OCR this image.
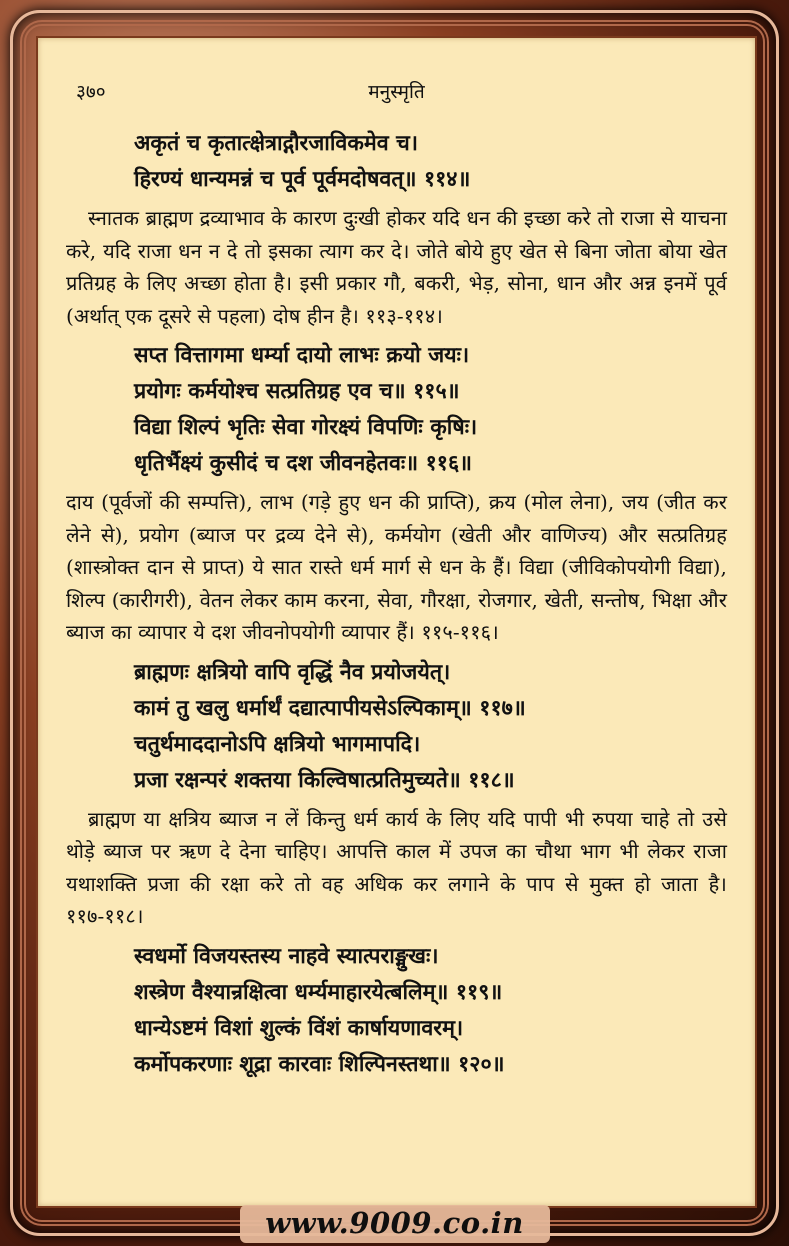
३७०	मनुस्मृति
अकृतं च कृतात्क्षेत्राद्गौरजाविकमेव च।
हिरण्यं धान्यमन्नं च पूर्व पूर्वमदोषवत्॥ ११४॥

स्नातक ब्राह्मण द्रव्याभाव के कारण दुःखी होकर यदि धन की इच्छा करे तो राजा से याचना करे, यदि राजा धन न दे तो इसका त्याग कर दे। जोते बोये हुए खेत से बिना जोता बोया खेत प्रतिग्रह के लिए अच्छा होता है। इसी प्रकार गौ, बकरी, भेड़, सोना, धान और अन्न इनमें पूर्व (अर्थात् एक दूसरे से पहला) दोष हीन है। ११३-११४।

सप्त वित्तागमा धर्म्या दायो लाभः क्रयो जयः।
प्रयोगः कर्मयोश्च सत्प्रतिग्रह एव च॥ ११५॥
विद्या शिल्पं भृतिः सेवा गोरक्ष्यं विपणिः कृषिः।
धृतिर्भैक्ष्यं कुसीदं च दश जीवनहेतवः॥ ११६॥

दाय (पूर्वजों की सम्पत्ति), लाभ (गड़े हुए धन की प्राप्ति), क्रय (मोल लेना), जय (जीत कर लेने से), प्रयोग (ब्याज पर द्रव्य देने से), कर्मयोग (खेती और वाणिज्य) और सत्प्रतिग्रह (शास्त्रोक्त दान से प्राप्त) ये सात रास्ते धर्म मार्ग से धन के हैं। विद्या (जीविकोपयोगी विद्या), शिल्प (कारीगरी), वेतन लेकर काम करना, सेवा, गौरक्षा, रोजगार, खेती, सन्तोष, भिक्षा और ब्याज का व्यापार ये दश जीवनोपयोगी व्यापार हैं। ११५-११६।

ब्राह्मणः क्षत्रियो वापि वृद्धिं नैव प्रयोजयेत्।
कामं तु खलु धर्मार्थं दद्यात्पापीयसेऽल्पिकाम्॥ ११७॥
चतुर्थमाददानोऽपि क्षत्रियो भागमापदि।
प्रजा रक्षन्परं शक्तया किल्विषात्प्रतिमुच्यते॥ ११८॥

ब्राह्मण या क्षत्रिय ब्याज न लें किन्तु धर्म कार्य के लिए यदि पापी भी रुपया चाहे तो उसे थोड़े ब्याज पर ऋण दे देना चाहिए। आपत्ति काल में उपज का चौथा भाग भी लेकर राजा यथाशक्ति प्रजा की रक्षा करे तो वह अधिक कर लगाने के पाप से मुक्त हो जाता है। ११७-११८।

स्वधर्मो विजयस्तस्य नाहवे स्यात्पराङ्मुखः।
शस्त्रेण वैश्यान्रक्षित्वा धर्म्यमाहारयेत्बलिम्॥ ११९॥
धान्येऽष्टमं विशां शुल्कं विंशं कार्षायणावरम्।
कर्मोपकरणाः शूद्रा कारवाः शिल्पिनस्तथा॥ १२०॥
www.9009.co.in
